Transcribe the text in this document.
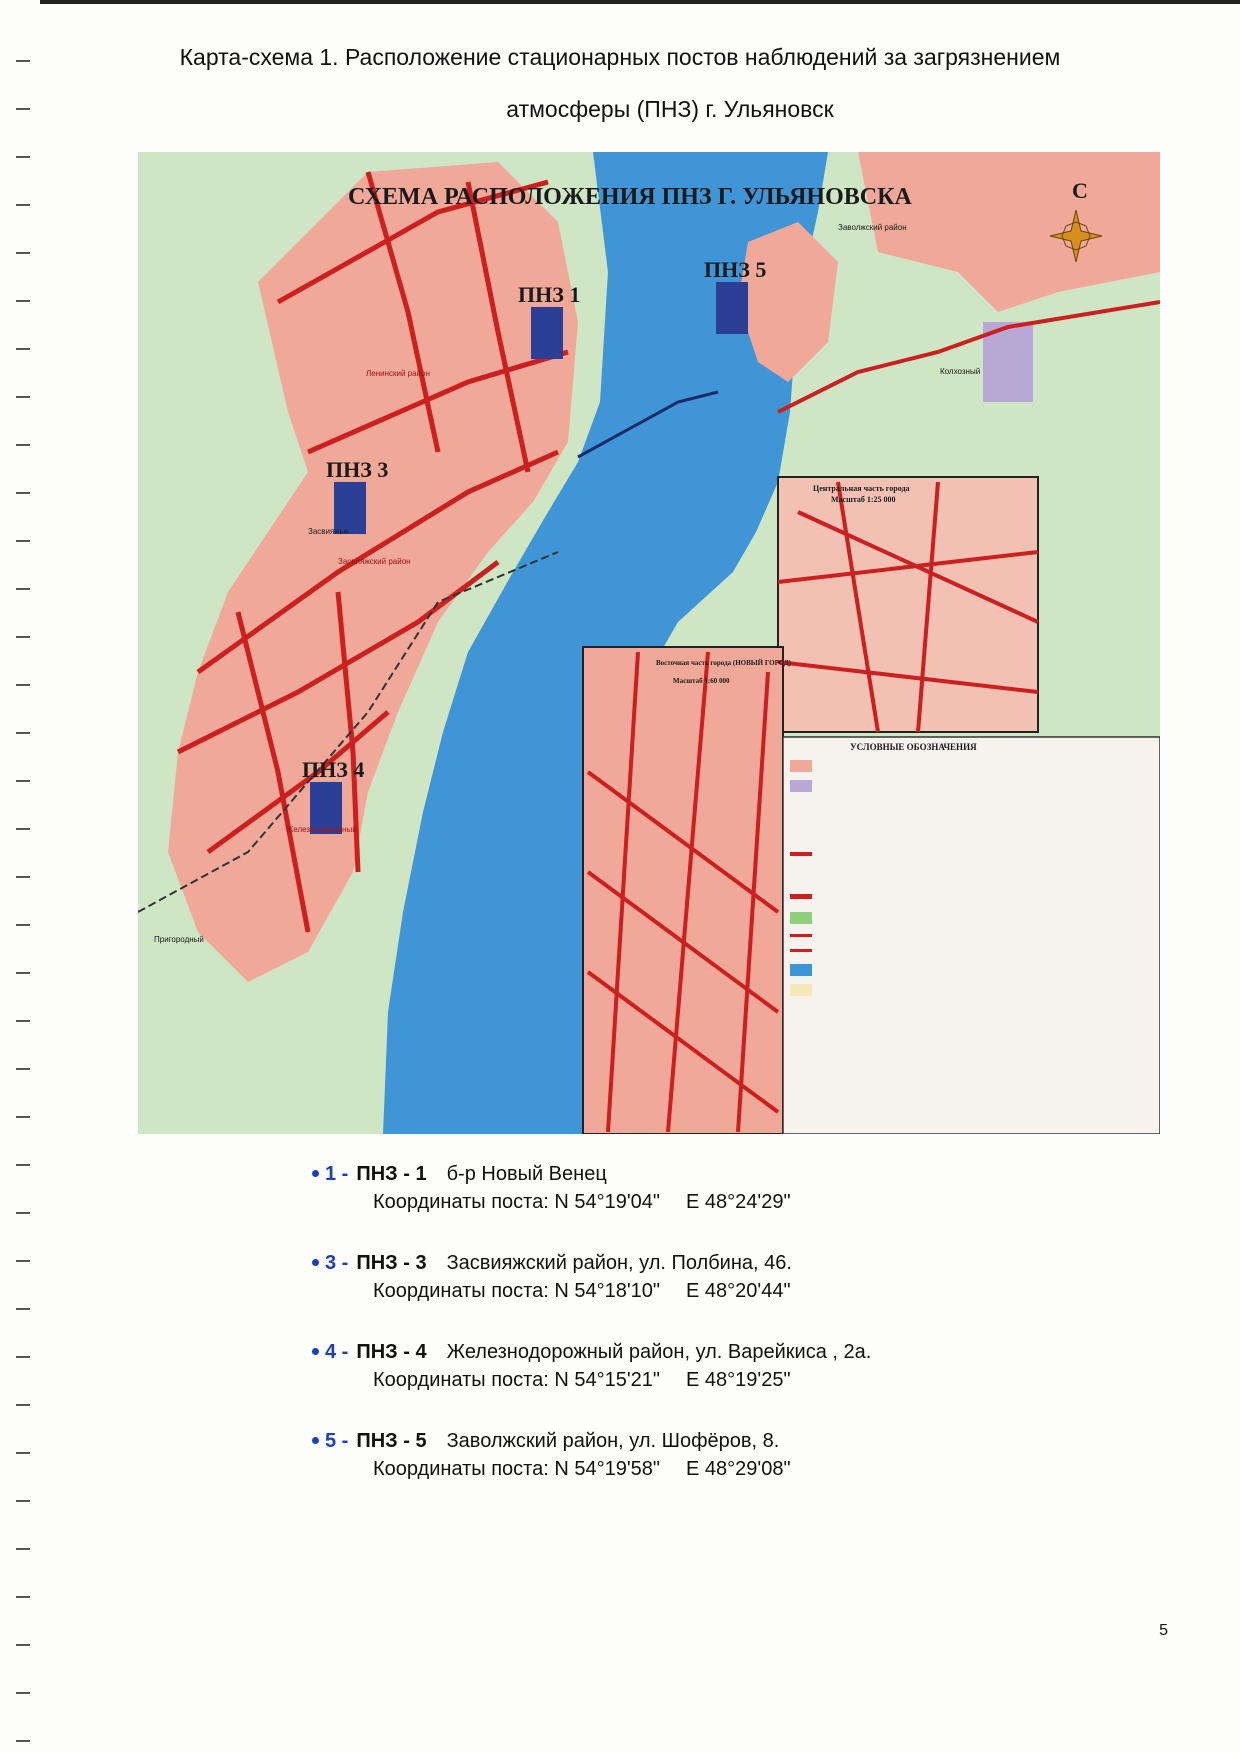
Карта-схема 1. Расположение стационарных постов наблюдений за загрязнением
атмосферы (ПНЗ) г. Ульяновск
СХЕМА РАСПОЛОЖЕНИЯ ПНЗ Г. УЛЬЯНОВСКА	С
ПНЗ 1
ПНЗ 3
ПНЗ 4
ПНЗ 5
Ленинский район
Засвияжский район
Железнодорожный
Заволжский район
Колхозный
Пригородный
Засвияжье
Центральная часть города
Масштаб 1:25 000
Восточная часть города (НОВЫЙ ГОРОД)
Масштаб 1:60 000
УСЛОВНЫЕ ОБОЗНАЧЕНИЯ
1 - ПНЗ - 1 б-р Новый Венец
Координаты поста: N 54°19'04" E 48°24'29"
3 - ПНЗ - 3 Засвияжский район, ул. Полбина, 46.
Координаты поста: N 54°18'10" E 48°20'44"
4 - ПНЗ - 4 Железнодорожный район, ул. Варейкиса , 2а.
Координаты поста: N 54°15'21" E 48°19'25"
5 - ПНЗ - 5 Заволжский район, ул. Шофёров, 8.
Координаты поста: N 54°19'58" E 48°29'08"
5
